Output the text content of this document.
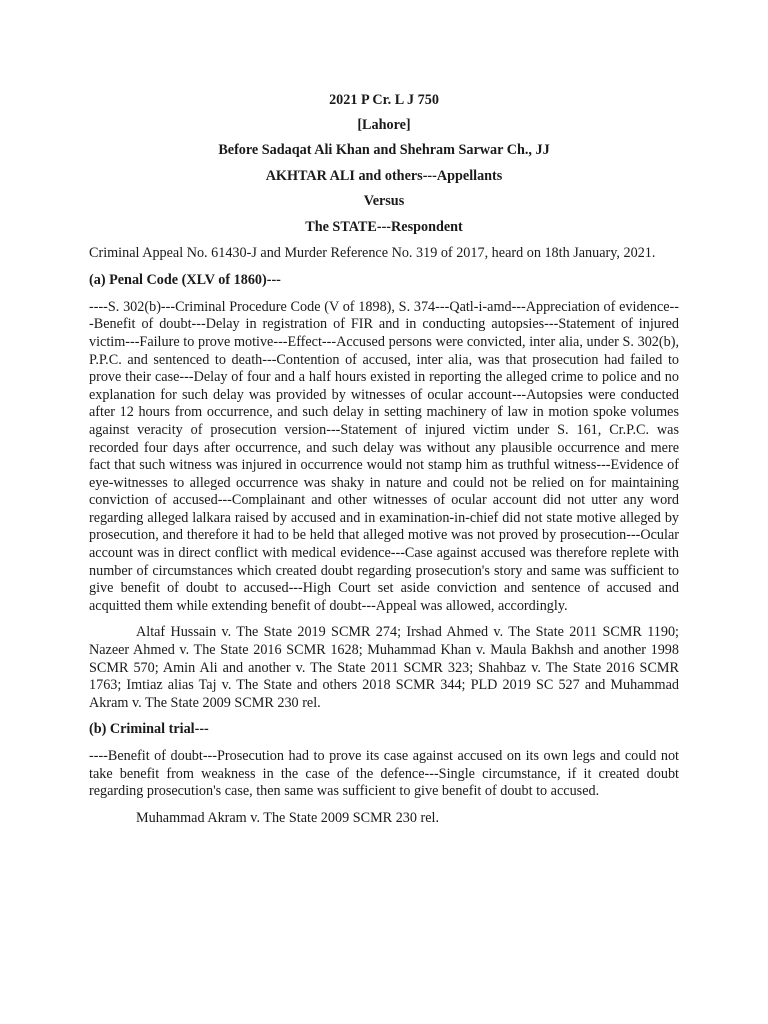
2021 P Cr. L J 750
[Lahore]
Before Sadaqat Ali Khan and Shehram Sarwar Ch., JJ
AKHTAR ALI and others---Appellants
Versus
The STATE---Respondent

Criminal Appeal No. 61430-J and Murder Reference No. 319 of 2017, heard on 18th January, 2021.

(a) Penal Code (XLV of 1860)---

----S. 302(b)---Criminal Procedure Code (V of 1898), S. 374---Qatl-i-amd---Appreciation of evidence---Benefit of doubt---Delay in registration of FIR and in conducting autopsies---Statement of injured victim---Failure to prove motive---Effect---Accused persons were convicted, inter alia, under S. 302(b), P.P.C. and sentenced to death---Contention of accused, inter alia, was that prosecution had failed to prove their case---Delay of four and a half hours existed in reporting the alleged crime to police and no explanation for such delay was provided by witnesses of ocular account---Autopsies were conducted after 12 hours from occurrence, and such delay in setting machinery of law in motion spoke volumes against veracity of prosecution version---Statement of injured victim under S. 161, Cr.P.C. was recorded four days after occurrence, and such delay was without any plausible occurrence and mere fact that such witness was injured in occurrence would not stamp him as truthful witness---Evidence of eye-witnesses to alleged occurrence was shaky in nature and could not be relied on for maintaining conviction of accused---Complainant and other witnesses of ocular account did not utter any word regarding alleged lalkara raised by accused and in examination-in-chief did not state motive alleged by prosecution, and therefore it had to be held that alleged motive was not proved by prosecution---Ocular account was in direct conflict with medical evidence---Case against accused was therefore replete with number of circumstances which created doubt regarding prosecution's story and same was sufficient to give benefit of doubt to accused---High Court set aside conviction and sentence of accused and acquitted them while extending benefit of doubt---Appeal was allowed, accordingly.

Altaf Hussain v. The State 2019 SCMR 274; Irshad Ahmed v. The State 2011 SCMR 1190; Nazeer Ahmed v. The State 2016 SCMR 1628; Muhammad Khan v. Maula Bakhsh and another 1998 SCMR 570; Amin Ali and another v. The State 2011 SCMR 323; Shahbaz v. The State 2016 SCMR 1763; Imtiaz alias Taj v. The State and others 2018 SCMR 344; PLD 2019 SC 527 and Muhammad Akram v. The State 2009 SCMR 230 rel.

(b) Criminal trial---

----Benefit of doubt---Prosecution had to prove its case against accused on its own legs and could not take benefit from weakness in the case of the defence---Single circumstance, if it created doubt regarding prosecution's case, then same was sufficient to give benefit of doubt to accused.

Muhammad Akram v. The State 2009 SCMR 230 rel.
